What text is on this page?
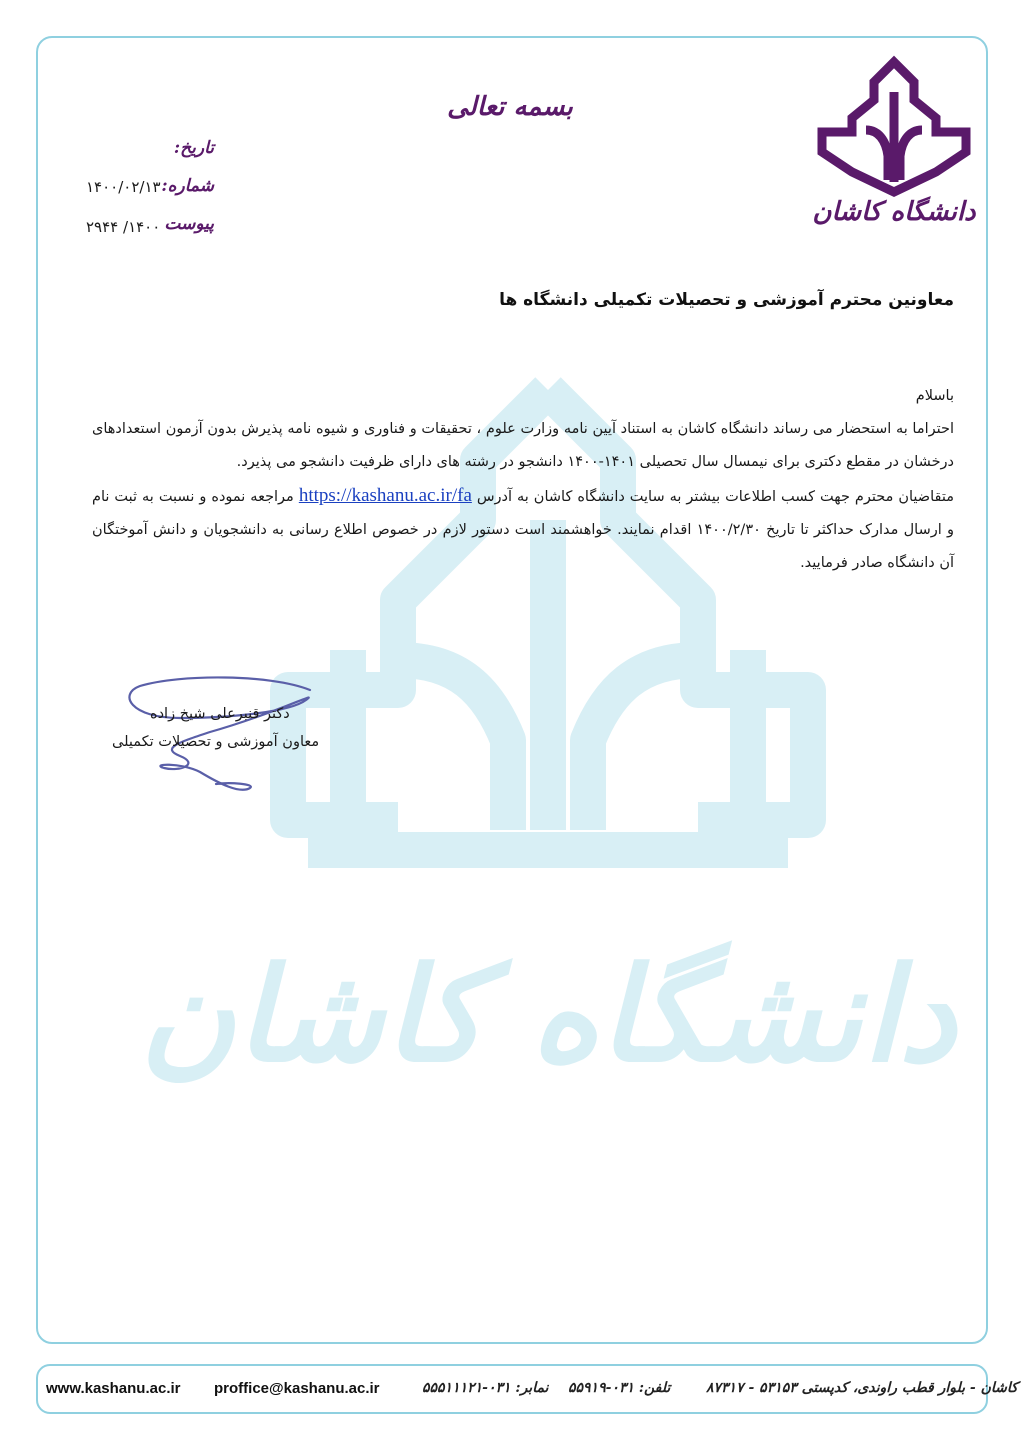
دانشگاه کاشان
دانشگاه کاشان
بسمه تعالی
تاریخ:
شماره:
۱۴۰۰/۰۲/۱۳
پیوست
۱۴۰۰/ ۲۹۴۴
معاونین محترم آموزشی و تحصیلات تکمیلی دانشگاه ها

باسلام

احتراما به استحضار می رساند دانشگاه کاشان به استناد آیین نامه وزارت علوم ، تحقیقات و فناوری و شیوه نامه پذیرش بدون آزمون استعدادهای درخشان در مقطع دکتری برای نیمسال سال تحصیلی ۱۴۰۱-۱۴۰۰ دانشجو در رشته های دارای ظرفیت دانشجو می پذیرد.

متقاضیان محترم جهت کسب اطلاعات بیشتر به سایت دانشگاه کاشان به آدرس https://kashanu.ac.ir/fa مراجعه نموده و نسبت به ثبت نام و ارسال مدارک حداکثر تا تاریخ ۱۴۰۰/۲/۳۰ اقدام نمایند. خواهشمند است دستور لازم در خصوص اطلاع رسانی به دانشجویان و دانش آموختگان آن دانشگاه صادر فرمایید.

دکتر قنبرعلی شیخ زاده
معاون آموزشی و تحصیلات تکمیلی
www.kashanu.ac.ir proffice@kashanu.ac.ir	نمابر: ۰۳۱-۵۵۵۱۱۱۲۱ تلفن: ۰۳۱-۵۵۹۱۹	کاشان - بلوار قطب راوندی، کدپستی ۵۳۱۵۳ - ۸۷۳۱۷
